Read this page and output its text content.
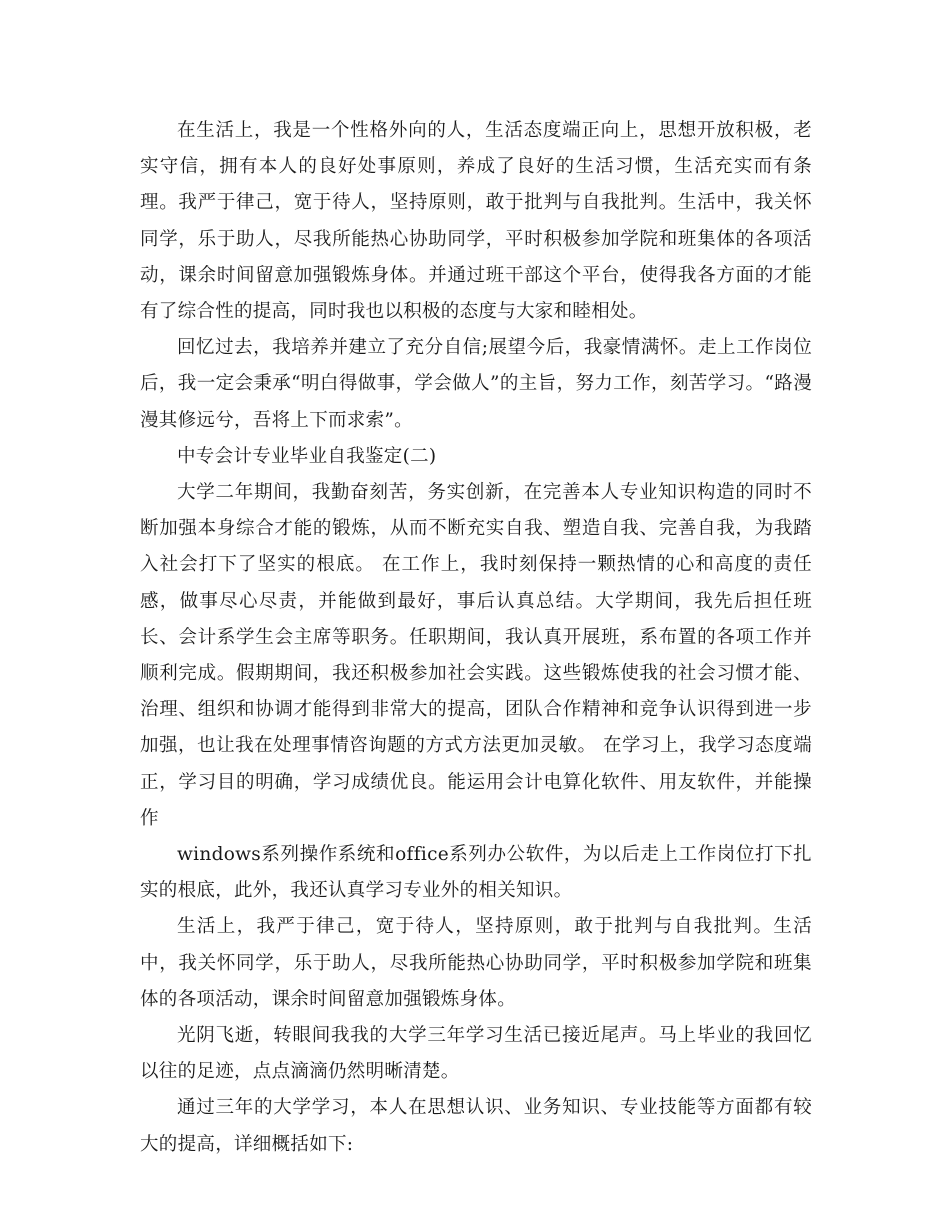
在生活上，我是一个性格外向的人，生活态度端正向上，思想开放积极，老实守信，拥有本人的良好处事原则，养成了良好的生活习惯，生活充实而有条理。我严于律己，宽于待人，坚持原则，敢于批判与自我批判。生活中，我关怀同学，乐于助人，尽我所能热心协助同学，平时积极参加学院和班集体的各项活动，课余时间留意加强锻炼身体。并通过班干部这个平台，使得我各方面的才能有了综合性的提高，同时我也以积极的态度与大家和睦相处。

回忆过去，我培养并建立了充分自信;展望今后，我豪情满怀。走上工作岗位后，我一定会秉承“明白得做事，学会做人”的主旨，努力工作，刻苦学习。“路漫漫其修远兮，吾将上下而求索”。

中专会计专业毕业自我鉴定(二)

大学二年期间，我勤奋刻苦，务实创新，在完善本人专业知识构造的同时不断加强本身综合才能的锻炼，从而不断充实自我、塑造自我、完善自我，为我踏入社会打下了坚实的根底。 在工作上，我时刻保持一颗热情的心和高度的责任感，做事尽心尽责，并能做到最好，事后认真总结。大学期间，我先后担任班长、会计系学生会主席等职务。任职期间，我认真开展班，系布置的各项工作并顺利完成。假期期间，我还积极参加社会实践。这些锻炼使我的社会习惯才能、治理、组织和协调才能得到非常大的提高，团队合作精神和竞争认识得到进一步加强，也让我在处理事情咨询题的方式方法更加灵敏。 在学习上，我学习态度端正，学习目的明确，学习成绩优良。能运用会计电算化软件、用友软件，并能操作

windows系列操作系统和office系列办公软件，为以后走上工作岗位打下扎实的根底，此外，我还认真学习专业外的相关知识。

生活上，我严于律己，宽于待人，坚持原则，敢于批判与自我批判。生活中，我关怀同学，乐于助人，尽我所能热心协助同学，平时积极参加学院和班集体的各项活动，课余时间留意加强锻炼身体。

光阴飞逝，转眼间我我的大学三年学习生活已接近尾声。马上毕业的我回忆以往的足迹，点点滴滴仍然明晰清楚。

通过三年的大学学习，本人在思想认识、业务知识、专业技能等方面都有较大的提高，详细概括如下:
